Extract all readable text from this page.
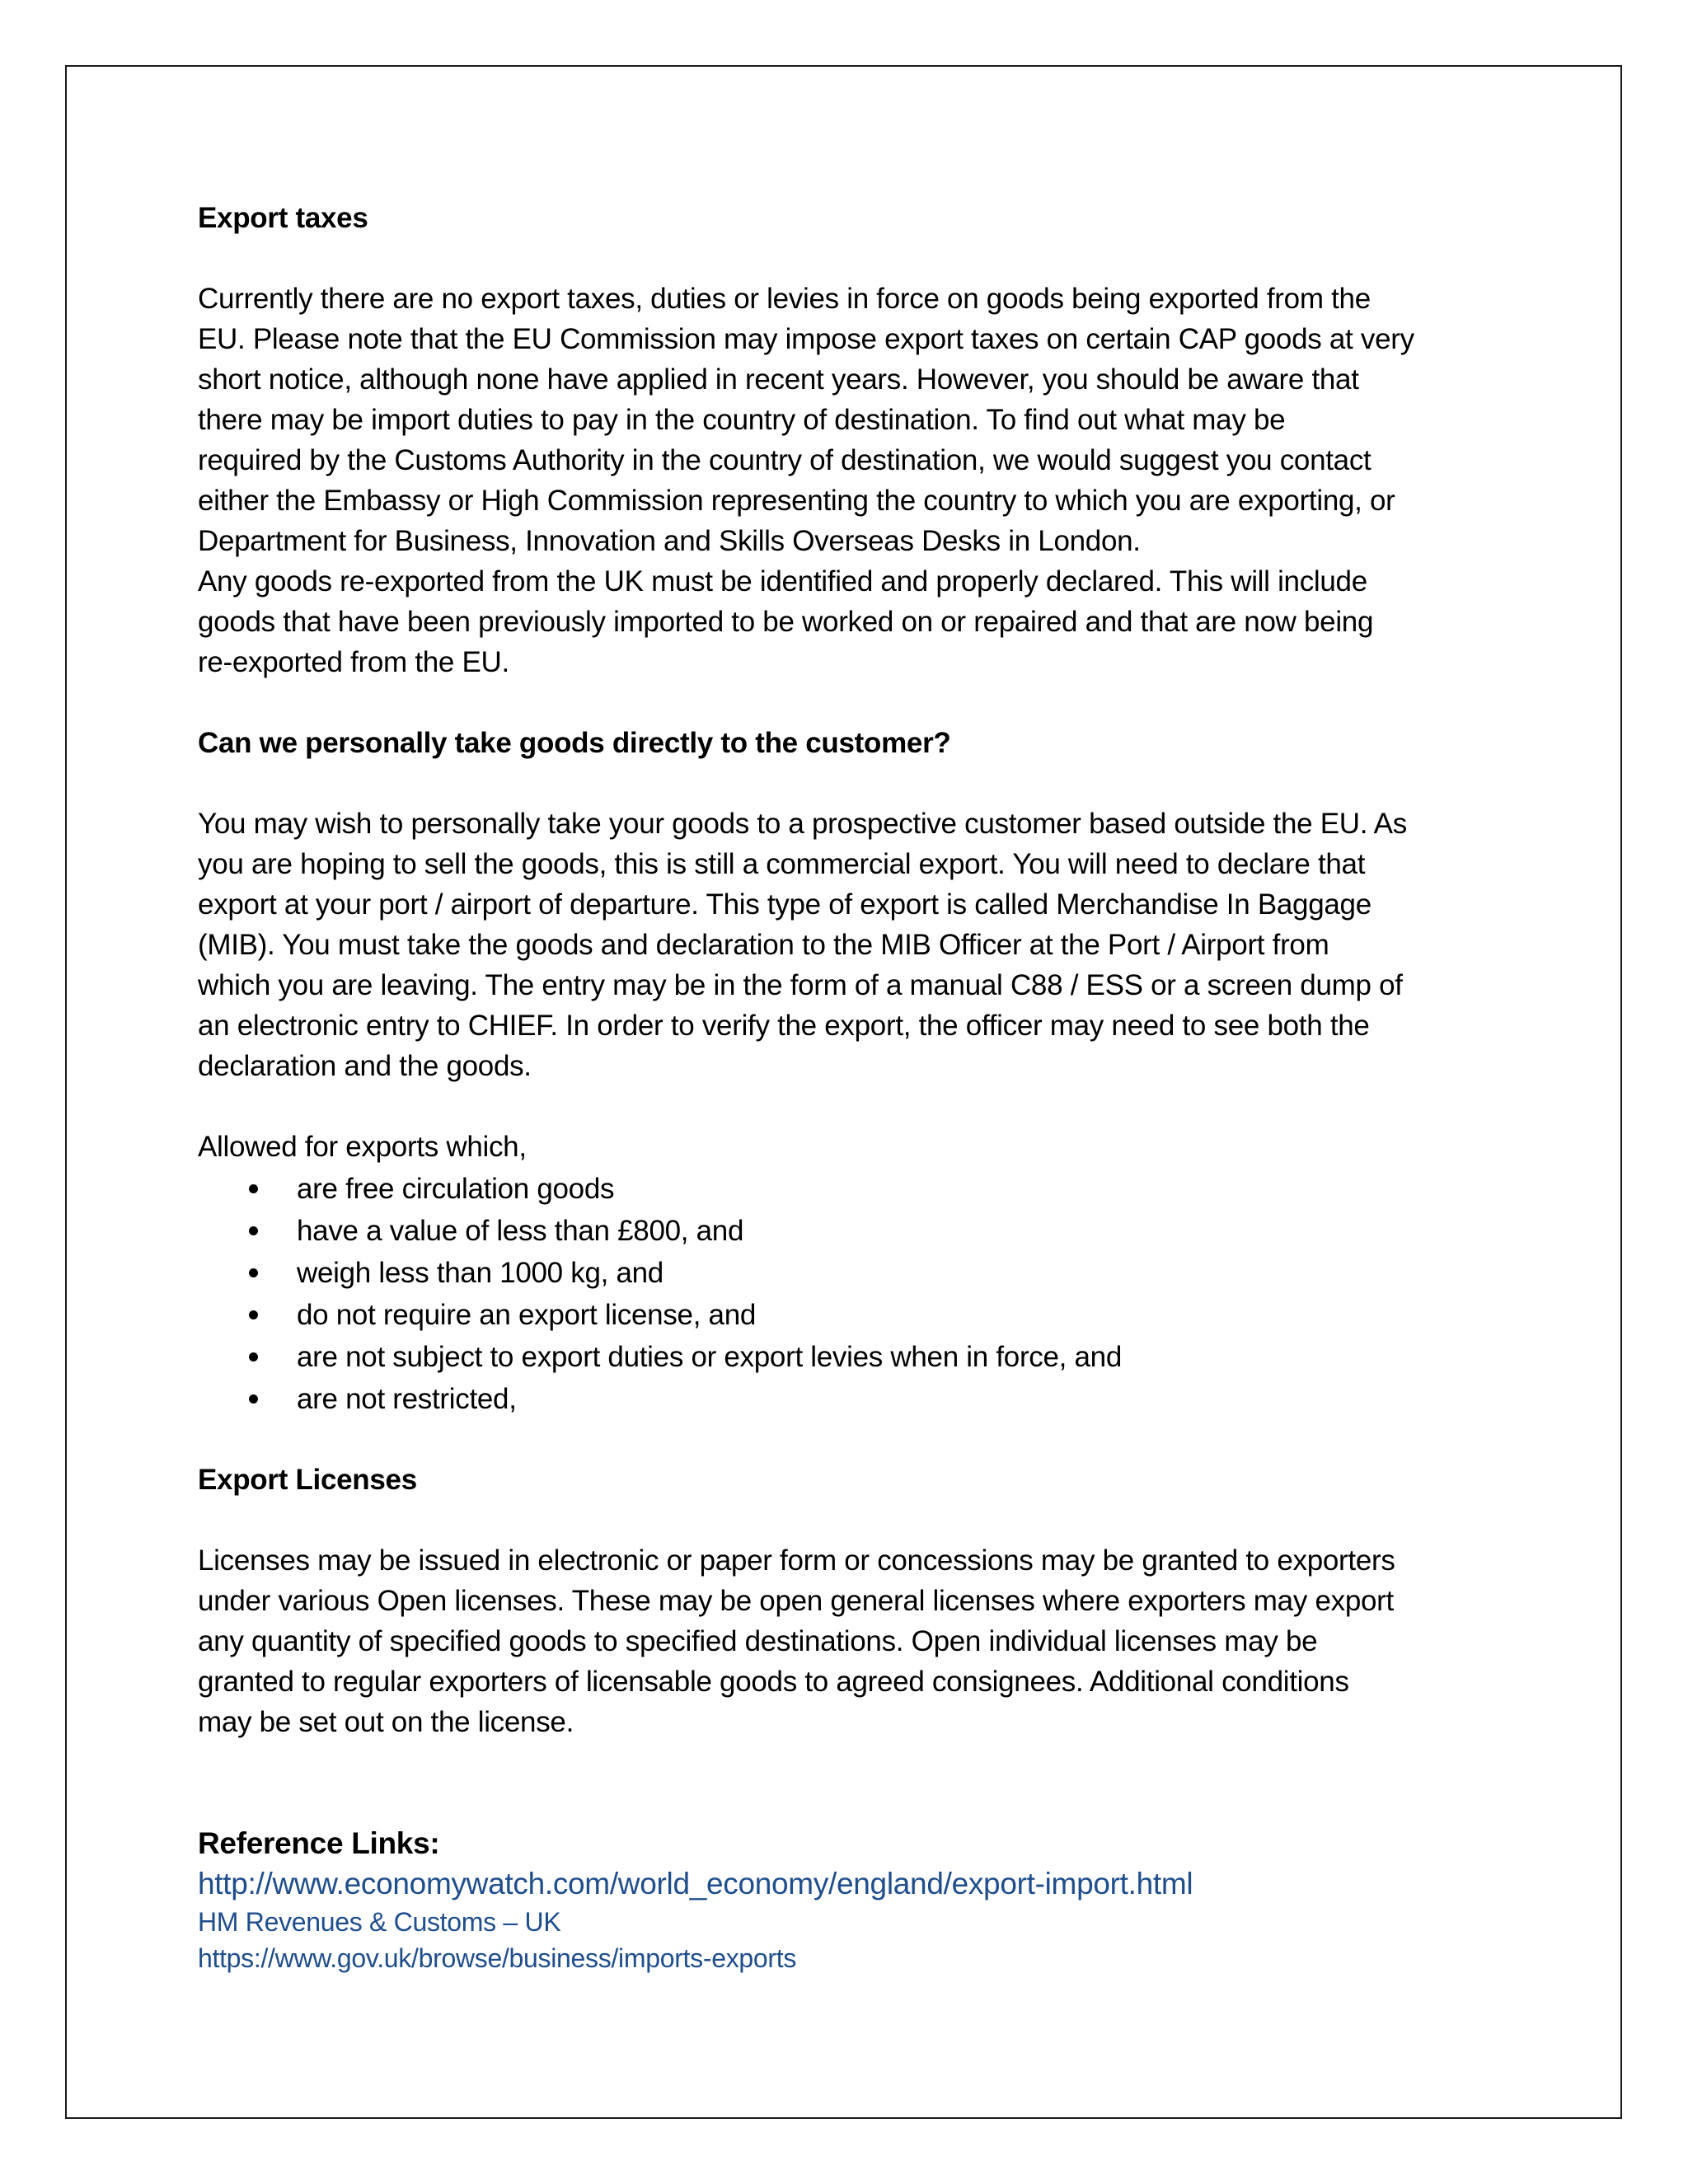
Export taxes

Currently there are no export taxes, duties or levies in force on goods being exported from the
EU. Please note that the EU Commission may impose export taxes on certain CAP goods at very
short notice, although none have applied in recent years. However, you should be aware that
there may be import duties to pay in the country of destination. To find out what may be
required by the Customs Authority in the country of destination, we would suggest you contact
either the Embassy or High Commission representing the country to which you are exporting, or
Department for Business, Innovation and Skills Overseas Desks in London.
Any goods re-exported from the UK must be identified and properly declared. This will include
goods that have been previously imported to be worked on or repaired and that are now being
re-exported from the EU.

Can we personally take goods directly to the customer?

You may wish to personally take your goods to a prospective customer based outside the EU. As
you are hoping to sell the goods, this is still a commercial export. You will need to declare that
export at your port / airport of departure. This type of export is called Merchandise In Baggage
(MIB). You must take the goods and declaration to the MIB Officer at the Port / Airport from
which you are leaving. The entry may be in the form of a manual C88 / ESS or a screen dump of
an electronic entry to CHIEF. In order to verify the export, the officer may need to see both the
declaration and the goods.
Allowed for exports which,
are free circulation goods
have a value of less than £800, and
weigh less than 1000 kg, and
do not require an export license, and
are not subject to export duties or export levies when in force, and
are not restricted,

Export Licenses

Licenses may be issued in electronic or paper form or concessions may be granted to exporters
under various Open licenses. These may be open general licenses where exporters may export
any quantity of specified goods to specified destinations. Open individual licenses may be
granted to regular exporters of licensable goods to agreed consignees. Additional conditions
may be set out on the license.

Reference Links:

http://www.economywatch.com/world_economy/england/export-import.html
HM Revenues & Customs – UK
https://www.gov.uk/browse/business/imports-exports
